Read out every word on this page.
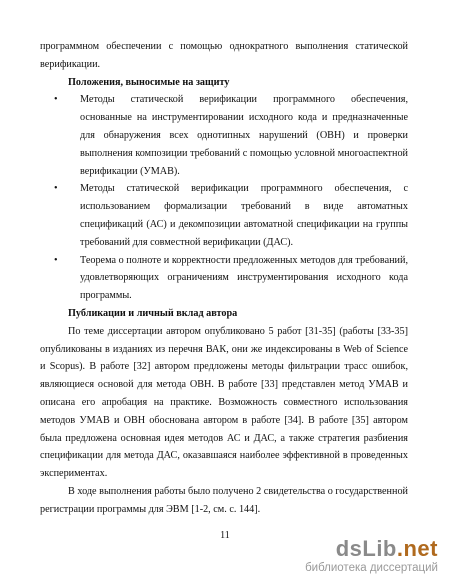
программном обеспечении с помощью однократного выполнения статической верификации.

Положения, выносимые на защиту

• Методы статической верификации программного обеспечения, основанные на инструментировании исходного кода и предназначенные для обнаружения всех однотипных нарушений (ОВН) и проверки выполнения композиции требований с помощью условной многоаспектной верификации (УМАВ).
• Методы статической верификации программного обеспечения, с использованием формализации требований в виде автоматных спецификаций (АС) и декомпозиции автоматной спецификации на группы требований для совместной верификации (ДАС).
• Теорема о полноте и корректности предложенных методов для требований, удовлетворяющих ограничениям инструментирования исходного кода программы.

Публикации и личный вклад автора

По теме диссертации автором опубликовано 5 работ [31-35] (работы [33-35] опубликованы в изданиях из перечня ВАК, они же индексированы в Web of Science и Scopus). В работе [32] автором предложены методы фильтрации трасс ошибок, являющиеся основой для метода ОВН. В работе [33] представлен метод УМАВ и описана его апробация на практике. Возможность совместного использования методов УМАВ и ОВН обоснована автором в работе [34]. В работе [35] автором была предложена основная идея методов АС и ДАС, а также стратегия разбиения спецификации для метода ДАС, оказавшаяся наиболее эффективной в проведенных экспериментах.

В ходе выполнения работы было получено 2 свидетельства о государственной регистрации программы для ЭВМ [1-2, см. с. 144].

11
dsLib.net
библиотека диссертаций
